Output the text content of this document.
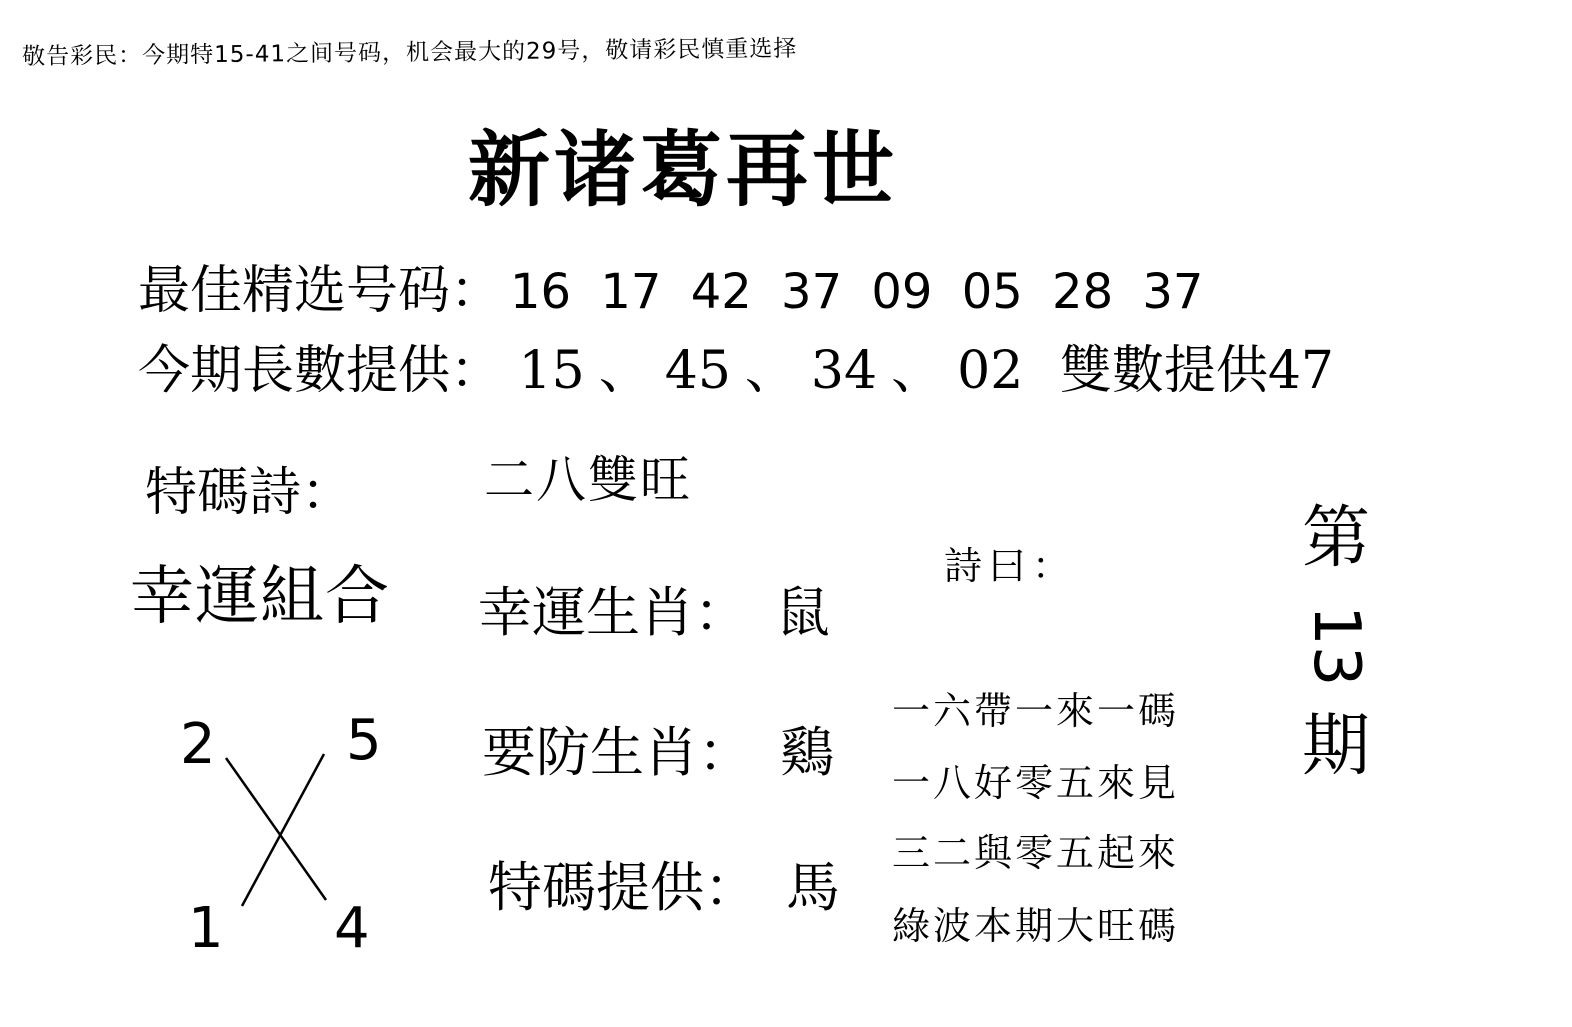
敬告彩民：今期特15-41之间号码，机会最大的29号，敬请彩民慎重选择
新诸葛再世
最佳精选号码： 16 17 42 37 09 05 28 37
今期長數提供： 15 、 45 、 34 、 02 雙數提供47
特碼詩：	二八雙旺
幸運組合
2 5
1 4
幸運生肖： 鼠
要防生肖： 鷄
特碼提供： 馬
詩曰：
一六帶一來一碼
一八好零五來見
三二與零五起來
綠波本期大旺碼
第
13
期
